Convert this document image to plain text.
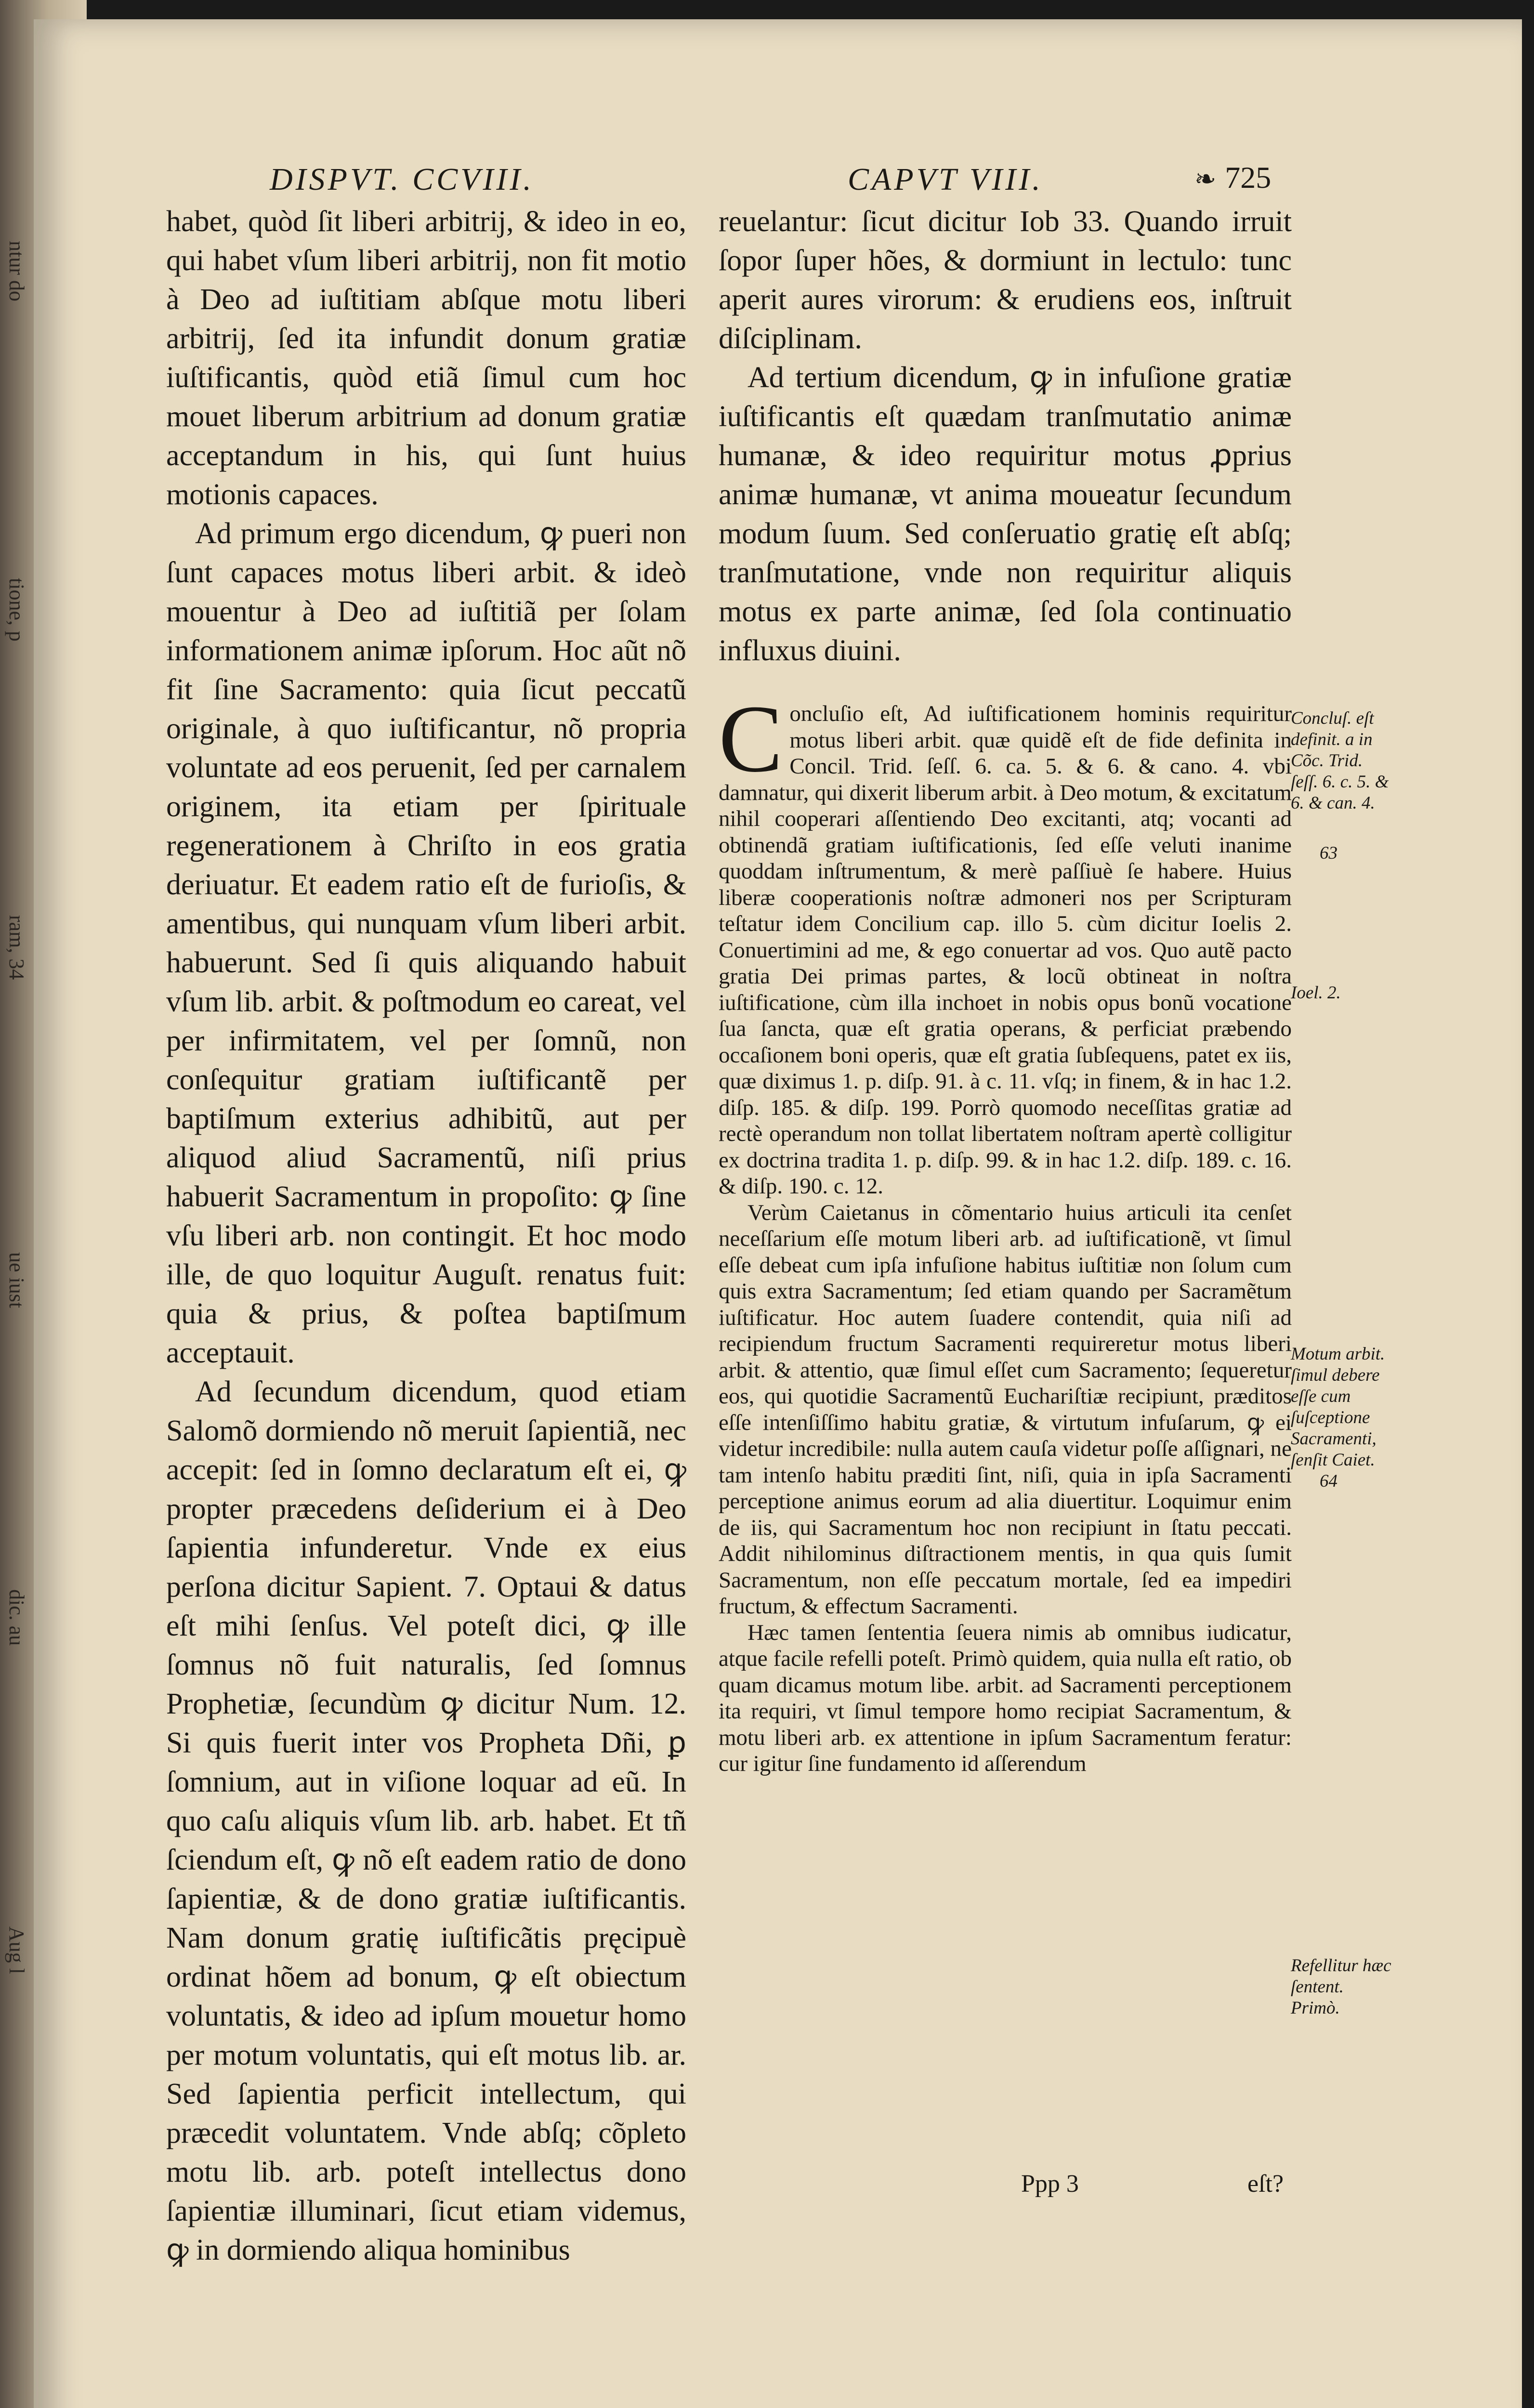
ntur do
tione, p
ram, 34
ue iust
dic. au
Aug l
DISPVT. CCVIII.	CAPVT VIII.	❧ 725

habet, quòd ſit liberi arbitrij, & ideo in eo, qui habet vſum liberi arbitrij, non fit motio à Deo ad iuſtitiam abſque motu liberi arbitrij, ſed ita infundit donum gratiæ iuſtificantis, quòd etiã ſimul cum hoc mouet liberum arbitrium ad donum gratiæ acceptandum in his, qui ſunt huius motionis capaces.

Ad primum ergo dicendum, ꝙ pueri non ſunt capaces motus liberi arbit. & ideò mouentur à Deo ad iuſtitiã per ſolam informationem animæ ipſorum. Hoc aũt nõ fit ſine Sacramento: quia ſicut peccatũ originale, à quo iuſtificantur, nõ propria voluntate ad eos peruenit, ſed per carnalem originem, ita etiam per ſpirituale regenerationem à Chriſto in eos gratia deriuatur. Et eadem ratio eſt de furioſis, & amentibus, qui nunquam vſum liberi arbit. habuerunt. Sed ſi quis aliquando habuit vſum lib. arbit. & poſtmodum eo careat, vel per infirmitatem, vel per ſomnũ, non conſequitur gratiam iuſtificantẽ per baptiſmum exterius adhibitũ, aut per aliquod aliud Sacramentũ, niſi prius habuerit Sacramentum in propoſito: ꝙ ſine vſu liberi arb. non contingit. Et hoc modo ille, de quo loquitur Auguſt. renatus fuit: quia & prius, & poſtea baptiſmum acceptauit.

Ad ſecundum dicendum, quod etiam Salomõ dormiendo nõ meruit ſapientiã, nec accepit: ſed in ſomno declaratum eſt ei, ꝙ propter præcedens deſiderium ei à Deo ſapientia infunderetur. Vnde ex eius perſona dicitur Sapient. 7. Optaui & datus eſt mihi ſenſus. Vel poteſt dici, ꝙ ille ſomnus nõ fuit naturalis, ſed ſomnus Prophetiæ, ſecundùm ꝙ dicitur Num. 12. Si quis fuerit inter vos Propheta Dñi, ꝑ ſomnium, aut in viſione loquar ad eũ. In quo caſu aliquis vſum lib. arb. habet. Et tñ ſciendum eſt, ꝙ nõ eſt eadem ratio de dono ſapientiæ, & de dono gratiæ iuſtificantis. Nam donum gratię iuſtificãtis pręcipuè ordinat hõem ad bonum, ꝙ eſt obiectum voluntatis, & ideo ad ipſum mouetur homo per motum voluntatis, qui eſt motus lib. ar. Sed ſapientia perficit intellectum, qui præcedit voluntatem. Vnde abſq; cõpleto motu lib. arb. poteſt intellectus dono ſapientiæ illuminari, ſicut etiam videmus, ꝙ in dormiendo aliqua hominibus

reuelantur: ſicut dicitur Iob 33. Quando irruit ſopor ſuper hões, & dormiunt in lectulo: tunc aperit aures virorum: & erudiens eos, inſtruit diſciplinam.

Ad tertium dicendum, ꝙ in infuſione gratiæ iuſtificantis eſt quædam tranſmutatio animæ humanæ, & ideo requiritur motus ꝓprius animæ humanæ, vt anima moueatur ſecundum modum ſuum. Sed conſeruatio gratię eſt abſq; tranſmutatione, vnde non requiritur aliquis motus ex parte animæ, ſed ſola continuatio influxus diuini.

Concluſio eſt, Ad iuſtificationem hominis requiritur motus liberi arbit. quæ quidẽ eſt de fide definita in Concil. Trid. ſeſſ. 6. ca. 5. & 6. & cano. 4. vbi damnatur, qui dixerit liberum arbit. à Deo motum, & excitatum nihil cooperari aſſentiendo Deo excitanti, atq; vocanti ad obtinendã gratiam iuſtificationis, ſed eſſe veluti inanime quoddam inſtrumentum, & merè paſſiuè ſe habere. Huius liberæ cooperationis noſtræ admoneri nos per Scripturam teſtatur idem Concilium cap. illo 5. cùm dicitur Ioelis 2. Conuertimini ad me, & ego conuertar ad vos. Quo autẽ pacto gratia Dei primas partes, & locũ obtineat in noſtra iuſtificatione, cùm illa inchoet in nobis opus bonũ vocatione ſua ſancta, quæ eſt gratia operans, & perficiat præbendo occaſionem boni operis, quæ eſt gratia ſubſequens, patet ex iis, quæ diximus 1. p. diſp. 91. à c. 11. vſq; in finem, & in hac 1.2. diſp. 185. & diſp. 199. Porrò quomodo neceſſitas gratiæ ad rectè operandum non tollat libertatem noſtram apertè colligitur ex doctrina tradita 1. p. diſp. 99. & in hac 1.2. diſp. 189. c. 16. & diſp. 190. c. 12.

Verùm Caietanus in cõmentario huius articuli ita cenſet neceſſarium eſſe motum liberi arb. ad iuſtificationẽ, vt ſimul eſſe debeat cum ipſa infuſione habitus iuſtitiæ non ſolum cum quis extra Sacramentum; ſed etiam quando per Sacramẽtum iuſtificatur. Hoc autem ſuadere contendit, quia niſi ad recipiendum fructum Sacramenti requireretur motus liberi arbit. & attentio, quæ ſimul eſſet cum Sacramento; ſequeretur eos, qui quotidie Sacramentũ Euchariſtiæ recipiunt, præditos eſſe intenſiſſimo habitu gratiæ, & virtutum infuſarum, ꝙ ei videtur incredibile: nulla autem cauſa videtur poſſe aſſignari, ne tam intenſo habitu præditi ſint, niſi, quia in ipſa Sacramenti perceptione animus eorum ad alia diuertitur. Loquimur enim de iis, qui Sacramentum hoc non recipiunt in ſtatu peccati. Addit nihilominus diſtractionem mentis, in qua quis ſumit Sacramentum, non eſſe peccatum mortale, ſed ea impediri fructum, & effectum Sacramenti.

Hæc tamen ſententia ſeuera nimis ab omnibus iudicatur, atque facile refelli poteſt. Primò quidem, quia nulla eſt ratio, ob quam dicamus motum libe. arbit. ad Sacramenti perceptionem ita requiri, vt ſimul tempore homo recipiat Sacramentum, & motu liberi arb. ex attentione in ipſum Sacramentum feratur: cur igitur ſine fundamento id aſſerendum

Concluſ. eſt definit. a in Cõc. Trid. ſeſſ. 6. c. 5. & 6. & can. 4.
63
Ioel. 2.
Motum arbit. ſimul debere eſſe cum ſuſceptione Sacramenti, ſenſit Caiet.
64
Refellitur hæc ſentent. Primò.
Ppp 3	eſt?
